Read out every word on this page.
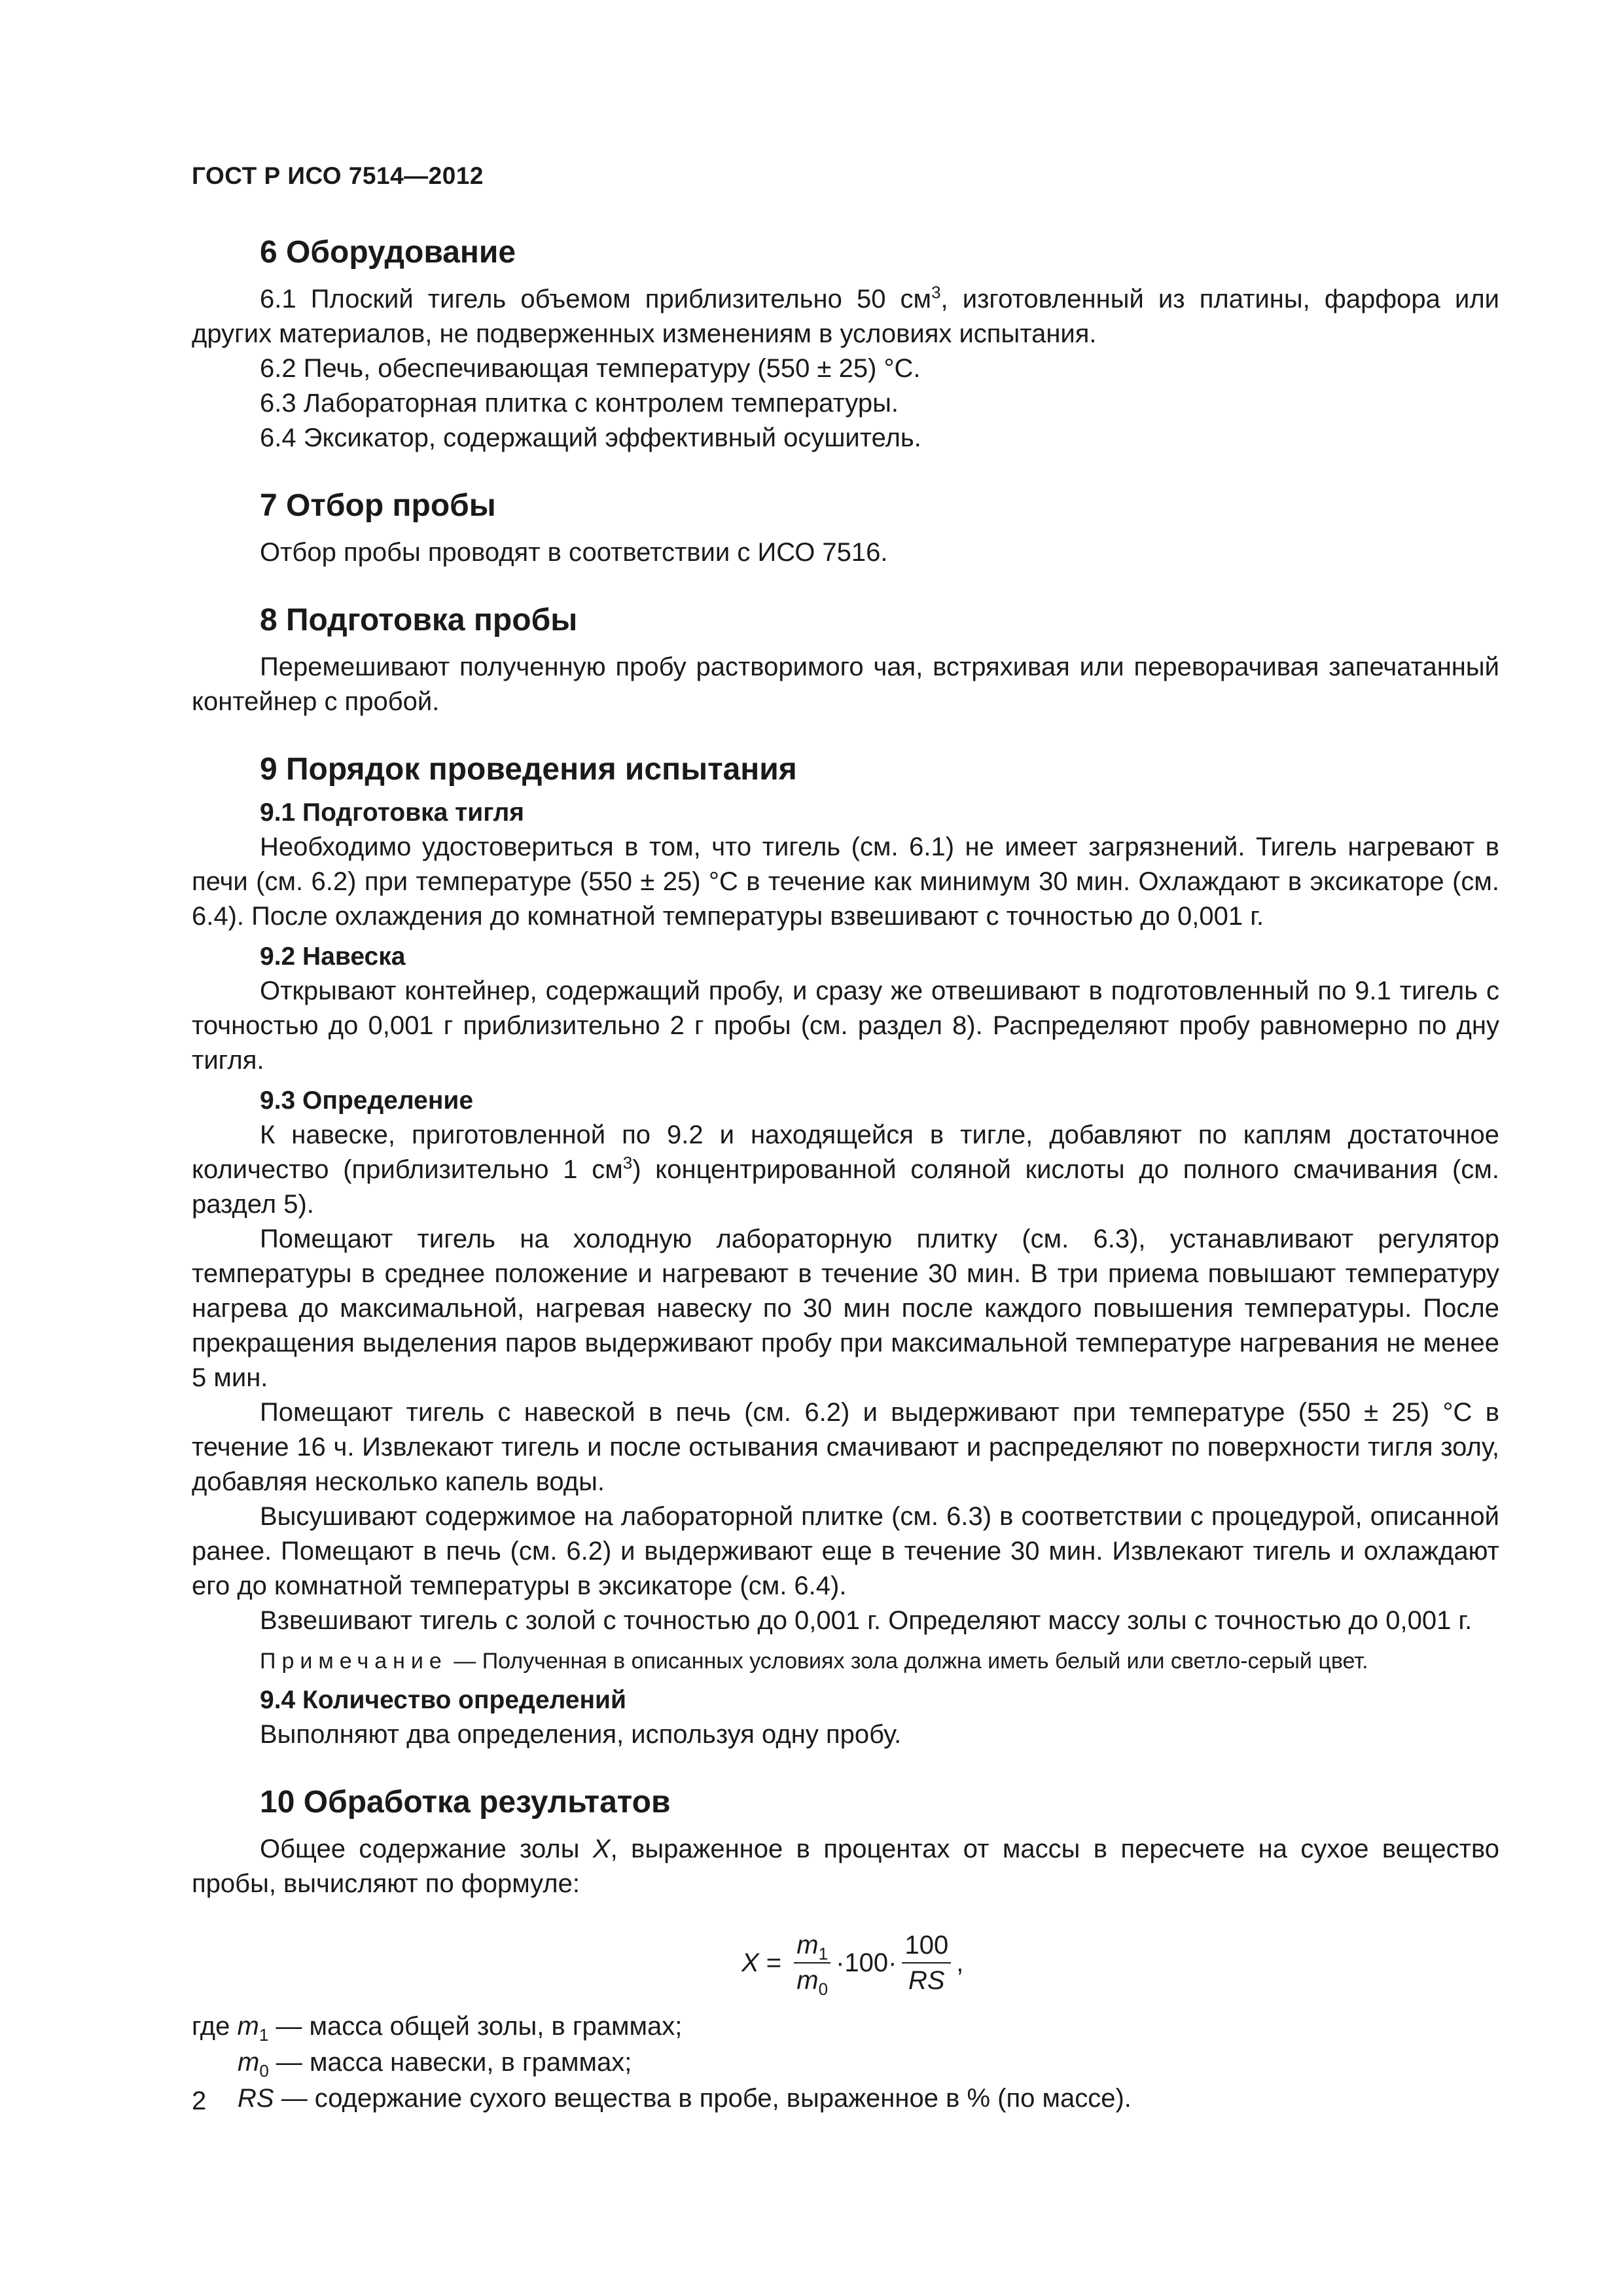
ГОСТ Р ИСО 7514—2012
6 Оборудование

6.1 Плоский тигель объемом приблизительно 50 $см^3$, изготовленный из платины, фарфора или других материалов, не подверженных изменениям в условиях испытания.

6.2 Печь, обеспечивающая температуру (550 ± 25) °C.

6.3 Лабораторная плитка с контролем температуры.

6.4 Эксикатор, содержащий эффективный осушитель.

7 Отбор пробы

Отбор пробы проводят в соответствии с ИСО 7516.

8 Подготовка пробы

Перемешивают полученную пробу растворимого чая, встряхивая или переворачивая запечатанный контейнер с пробой.

9 Порядок проведения испытания
9.1 Подготовка тигля

Необходимо удостовериться в том, что тигель (см. 6.1) не имеет загрязнений. Тигель нагревают в печи (см. 6.2) при температуре (550 ± 25) °C в течение как минимум 30 мин. Охлаждают в эксикаторе (см. 6.4). После охлаждения до комнатной температуры взвешивают с точностью до 0,001 г.

9.2 Навеска

Открывают контейнер, содержащий пробу, и сразу же отвешивают в подготовленный по 9.1 тигель с точностью до 0,001 г приблизительно 2 г пробы (см. раздел 8). Распределяют пробу равномерно по дну тигля.

9.3 Определение

К навеске, приготовленной по 9.2 и находящейся в тигле, добавляют по каплям достаточное количество (приблизительно 1 $см^3$) концентрированной соляной кислоты до полного смачивания (см. раздел 5).

Помещают тигель на холодную лабораторную плитку (см. 6.3), устанавливают регулятор температуры в среднее положение и нагревают в течение 30 мин. В три приема повышают температуру нагрева до максимальной, нагревая навеску по 30 мин после каждого повышения температуры. После прекращения выделения паров выдерживают пробу при максимальной температуре нагревания не менее 5 мин.

Помещают тигель с навеской в печь (см. 6.2) и выдерживают при температуре (550 ± 25) °C в течение 16 ч. Извлекают тигель и после остывания смачивают и распределяют по поверхности тигля золу, добавляя несколько капель воды.

Высушивают содержимое на лабораторной плитке (см. 6.3) в соответствии с процедурой, описанной ранее. Помещают в печь (см. 6.2) и выдерживают еще в течение 30 мин. Извлекают тигель и охлаждают его до комнатной температуры в эксикаторе (см. 6.4).

Взвешивают тигель с золой с точностью до 0,001 г. Определяют массу золы с точностью до 0,001 г.

Примечание — Полученная в описанных условиях зола должна иметь белый или светло-серый цвет.
9.4 Количество определений

Выполняют два определения, используя одну пробу.

10 Обработка результатов

Общее содержание золы X, выраженное в процентах от массы в пересчете на сухое вещество пробы, вычисляют по формуле:

$X = \frac{m_1}{m_0} \cdot 100\cdot \frac{100}{RS}$ ,
где $m_1$ — масса общей золы, в граммах;
$m_0$ — масса навески, в граммах;
RS — содержание сухого вещества в пробе, выраженное в % (по массе).
2
